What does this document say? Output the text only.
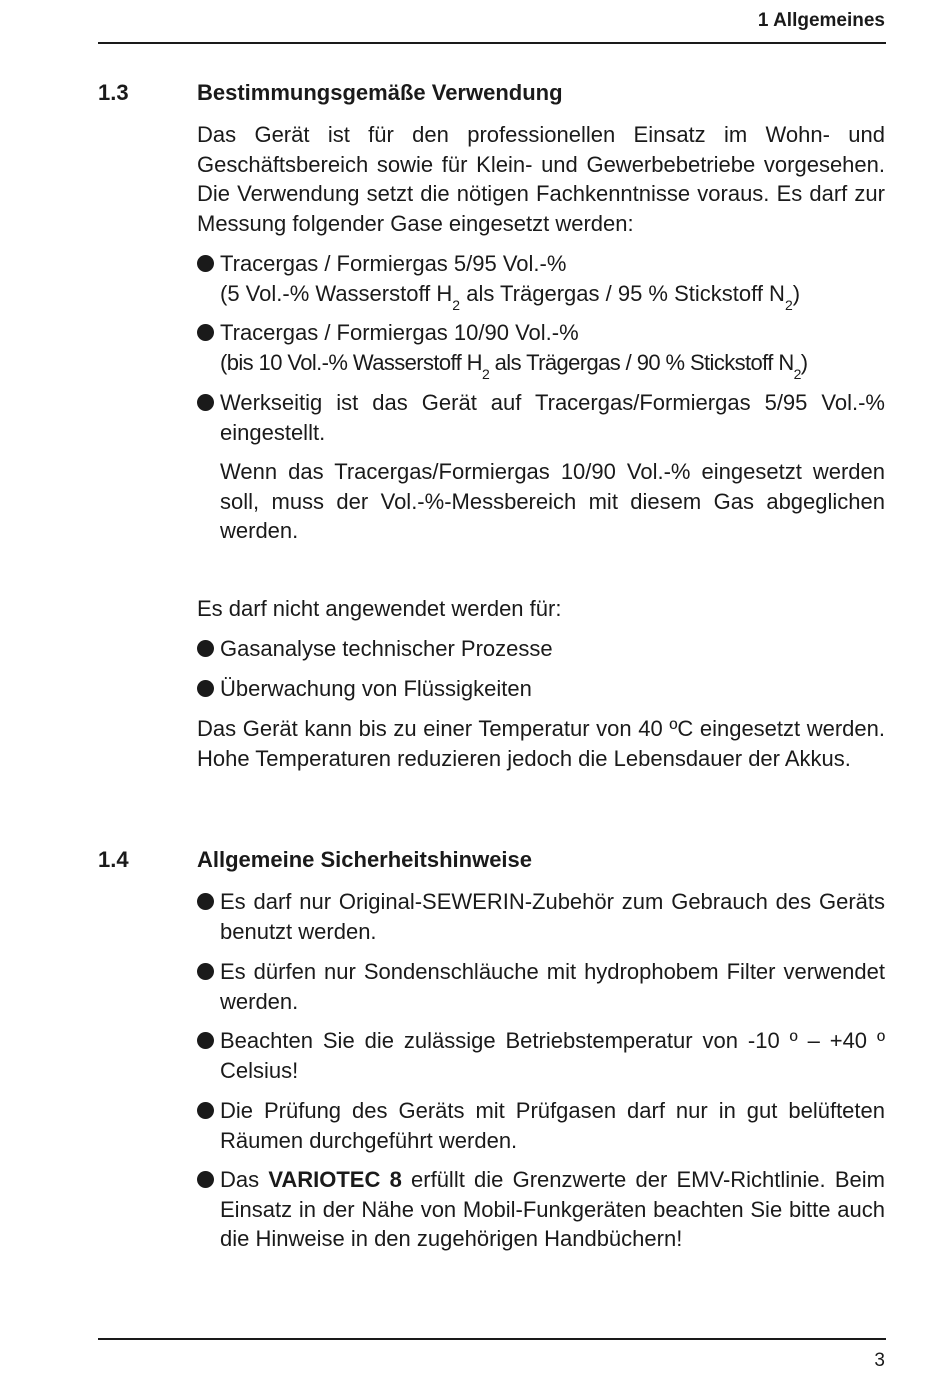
1 Allgemeines
1.3	Bestimmungsgemäße Verwendung
Das Gerät ist für den professionellen Einsatz im Wohn- und Geschäftsbereich sowie für Klein- und Gewerbebetriebe vorgesehen. Die Verwendung setzt die nötigen Fachkenntnisse voraus. Es darf zur Messung folgender Gase eingesetzt werden:
Tracergas / Formiergas 5/95 Vol.-%
(5 Vol.-% Wasserstoff $H_2$ als Trägergas / 95 % Stickstoff $N_2$)
Tracergas / Formiergas 10/90 Vol.-%
(bis 10 Vol.-% Wasserstoff $H_2$ als Trägergas / 90 % Stickstoff $N_2$)
Werkseitig ist das Gerät auf Tracergas/Formiergas 5/95 Vol.-% eingestellt.
Wenn das Tracergas/Formiergas 10/90 Vol.-% eingesetzt werden soll, muss der Vol.-%-Messbereich mit diesem Gas abgeglichen werden.
Es darf nicht angewendet werden für:
Gasanalyse technischer Prozesse
Überwachung von Flüssigkeiten
Das Gerät kann bis zu einer Temperatur von 40 ºC eingesetzt werden. Hohe Temperaturen reduzieren jedoch die Lebensdauer der Akkus.
1.4	Allgemeine Sicherheitshinweise
Es darf nur Original-SEWERIN-Zubehör zum Gebrauch des Geräts benutzt werden.
Es dürfen nur Sondenschläuche mit hydrophobem Filter verwendet werden.
Beachten Sie die zulässige Betriebstemperatur von -10 º – +40 º Celsius!
Die Prüfung des Geräts mit Prüfgasen darf nur in gut belüfteten Räumen durchgeführt werden.
Das VARIOTEC 8 erfüllt die Grenzwerte der EMV-Richtlinie. Beim Einsatz in der Nähe von Mobil-Funkgeräten beachten Sie bitte auch die Hinweise in den zugehörigen Handbüchern!
3
